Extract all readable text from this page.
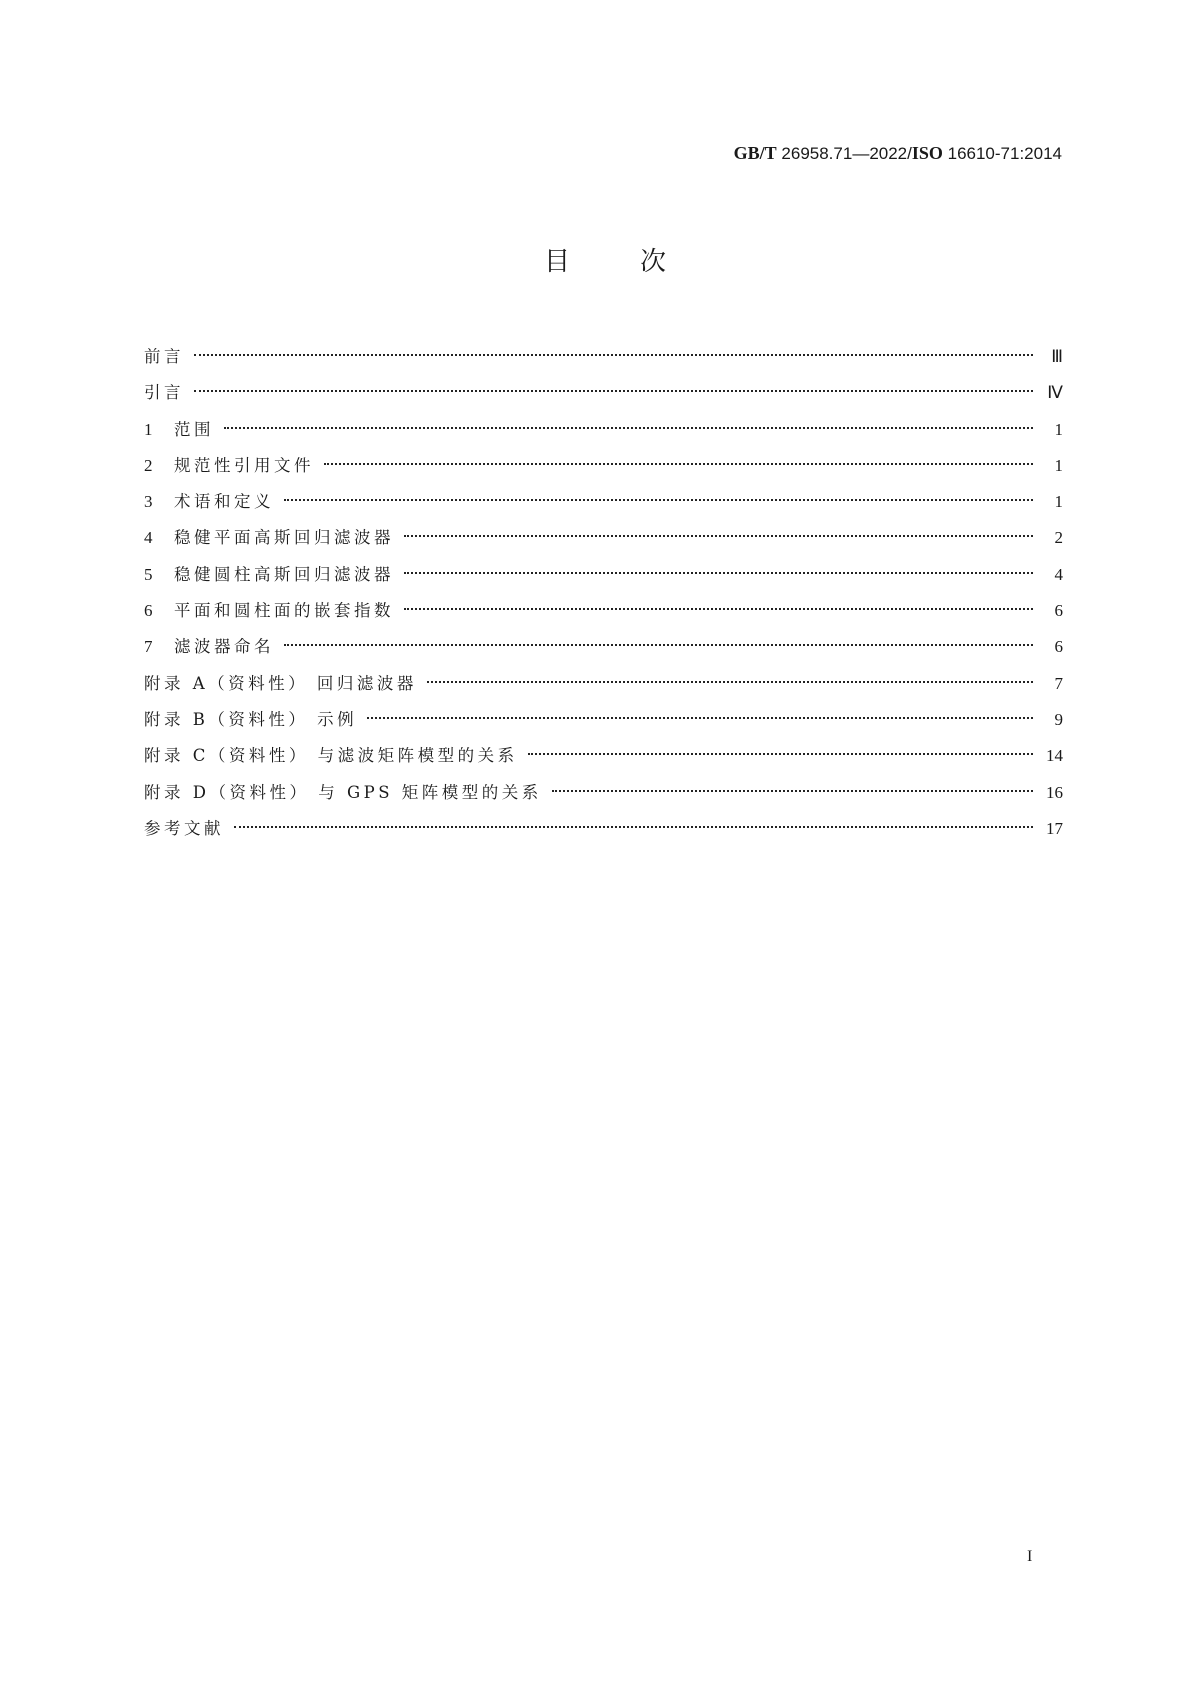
GB/T 26958.71—2022/ISO 16610-71:2014
目	次
前言	Ⅲ
引言	Ⅳ
1	范围	1
2	规范性引用文件	1
3	术语和定义	1
4	稳健平面高斯回归滤波器	2
5	稳健圆柱高斯回归滤波器	4
6	平面和圆柱面的嵌套指数	6
7	滤波器命名	6
附录 A（资料性） 回归滤波器	7
附录 B（资料性） 示例	9
附录 C（资料性） 与滤波矩阵模型的关系	14
附录 D（资料性） 与 GPS 矩阵模型的关系	16
参考文献	17
I
